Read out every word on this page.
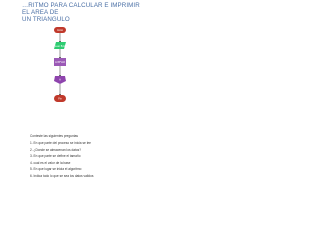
…RITMO PARA CALCULAR E IMPRIMIR EL AREA DE
UN TRIANGULO
Inicio
Leer B,H
A=B*H/2
A
Fin
Conteste las siguientes preguntas
1. En que parte del proceso se inicia se lee
2. ¿Donde se almacenan los datos?
3. En que parte se define el tamaño
4. cual es el valor de la base
5. En que lugar se inicia el algoritmo
6. Indica todo lo que se sea los datos validos
